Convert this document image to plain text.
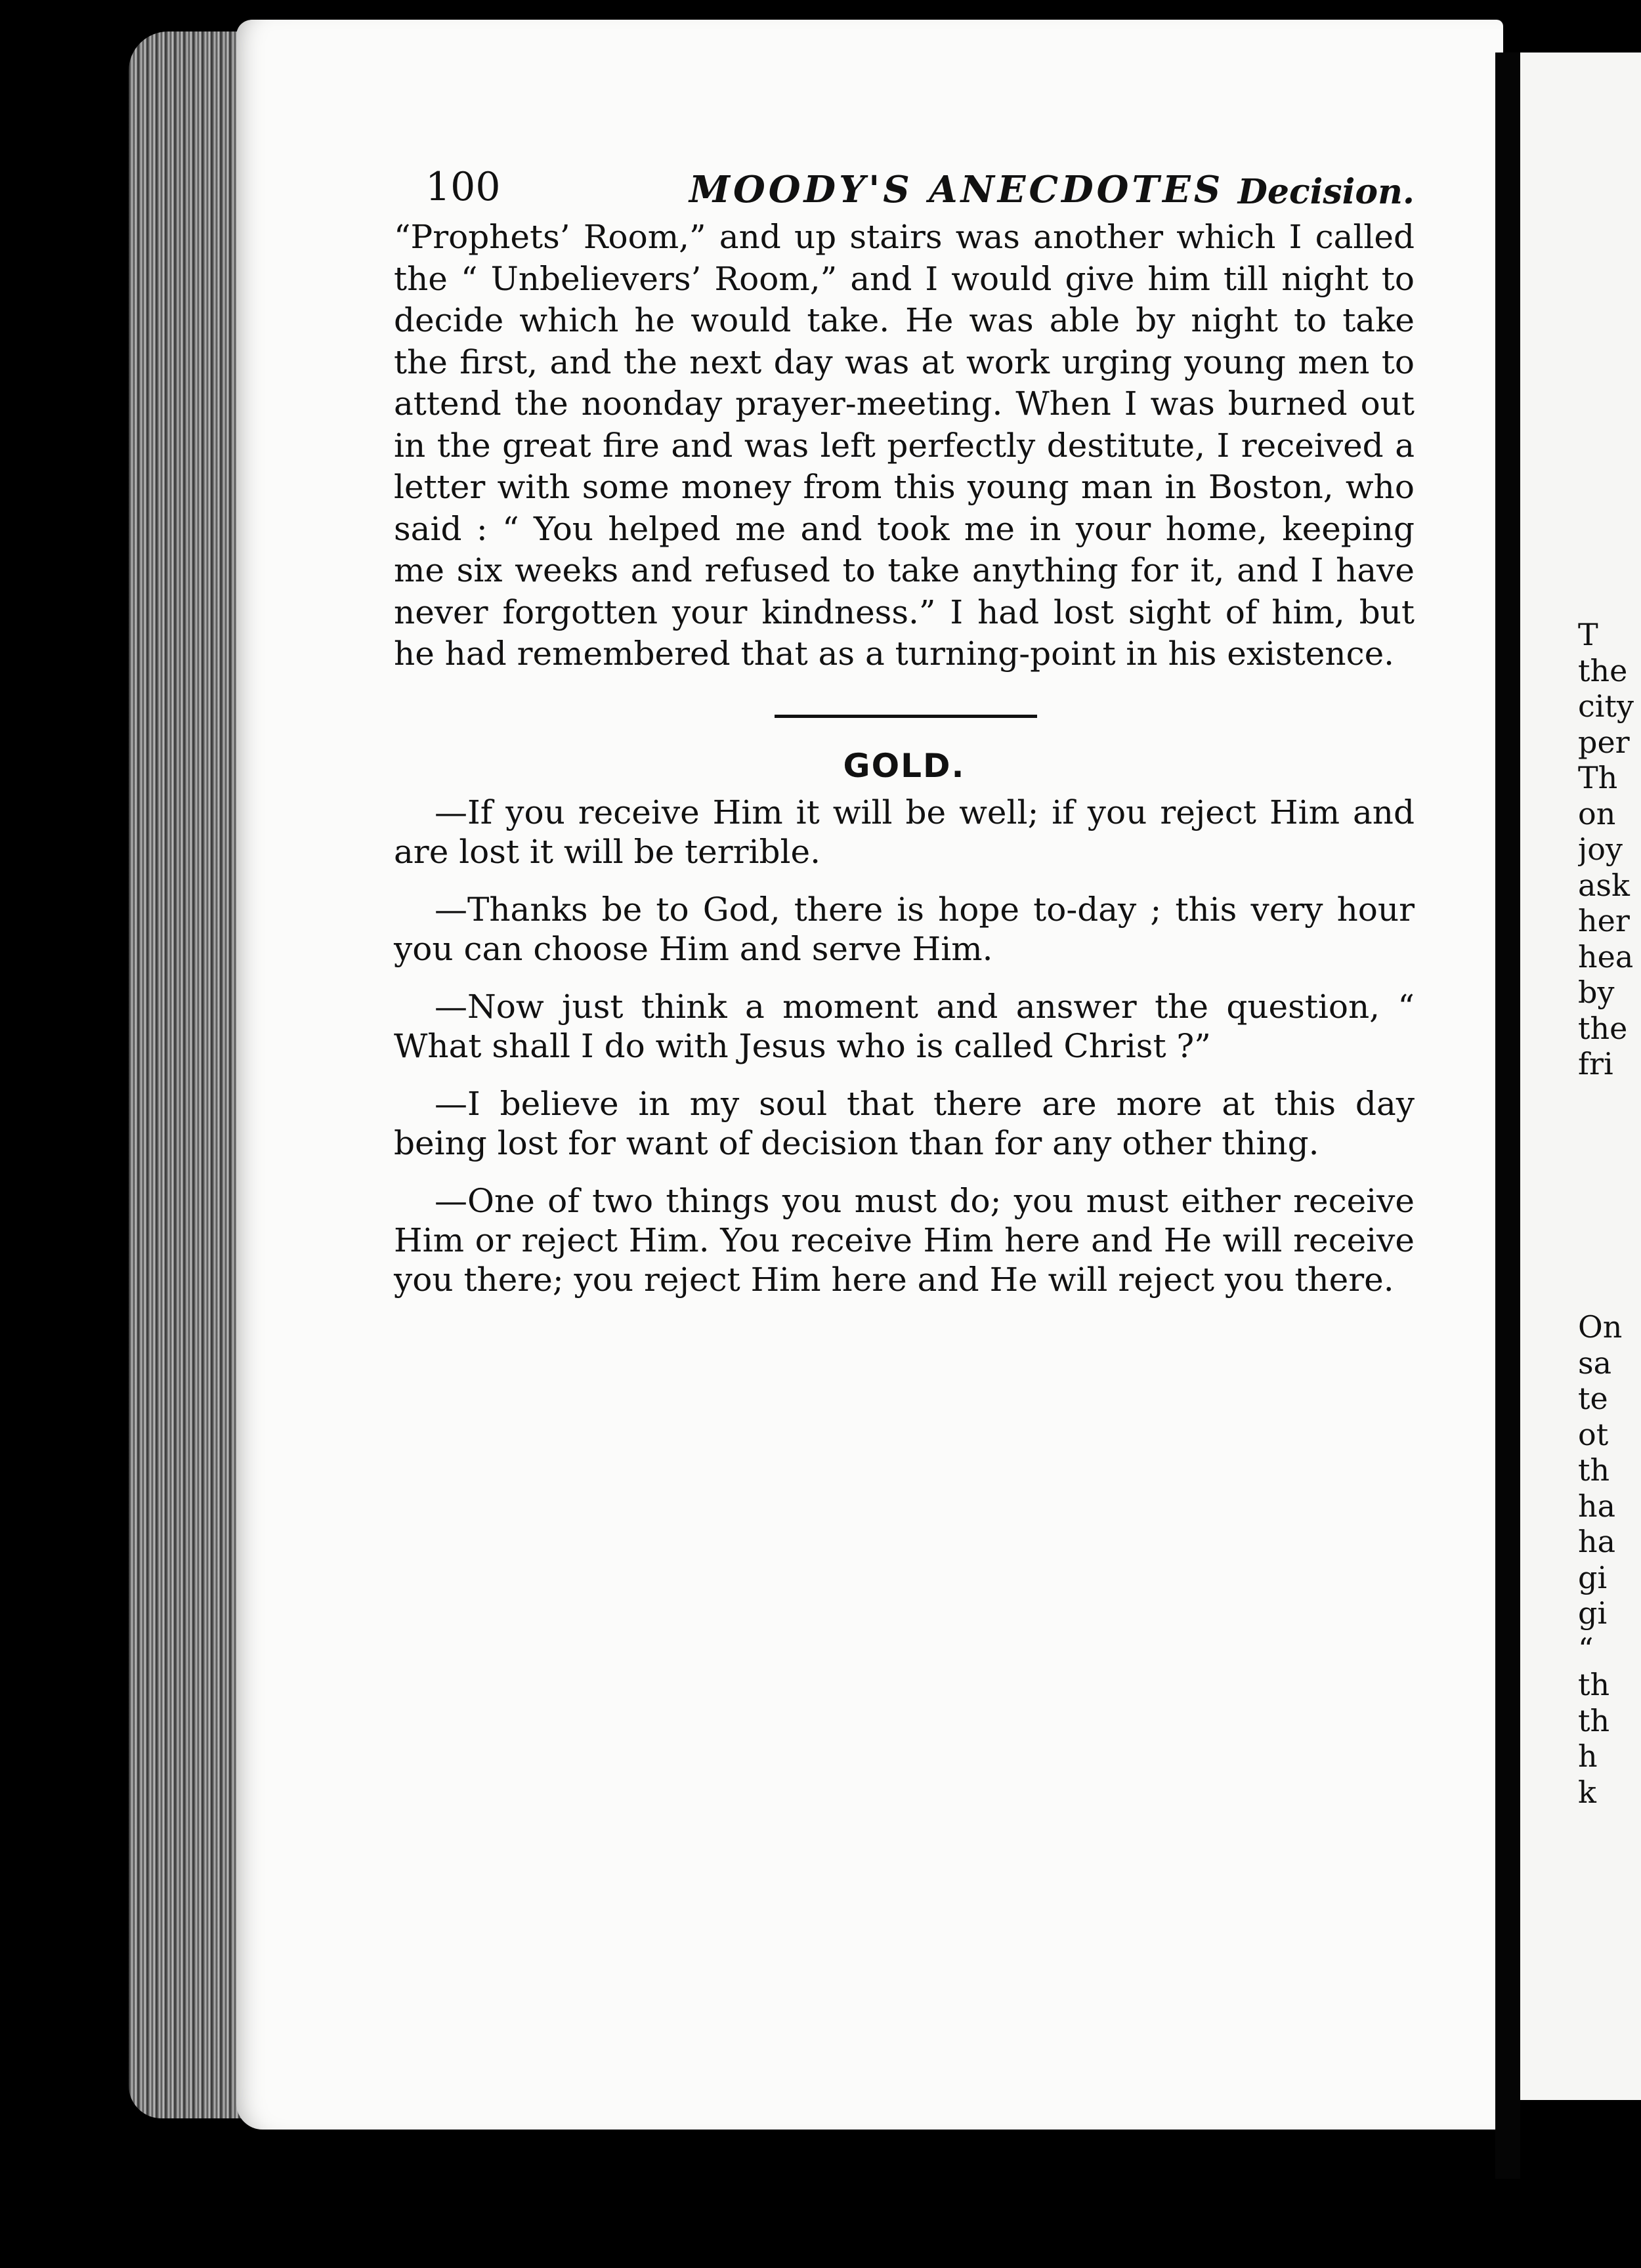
100	MOODY'S ANECDOTES Decision.

“Prophets’ Room,” and up stairs was another which I called the “ Unbelievers’ Room,” and I would give him till night to decide which he would take. He was able by night to take the first, and the next day was at work urging young men to attend the noonday prayer-meeting. When I was burned out in the great fire and was left perfectly destitute, I received a letter with some money from this young man in Boston, who said : “ You helped me and took me in your home, keeping me six weeks and refused to take anything for it, and I have never forgotten your kindness.” I had lost sight of him, but he had remembered that as a turning-point in his existence.

GOLD.

—If you receive Him it will be well; if you reject Him and are lost it will be terrible.

—Thanks be to God, there is hope to-day ; this very hour you can choose Him and serve Him.

—Now just think a moment and answer the question, “ What shall I do with Jesus who is called Christ ?”

—I believe in my soul that there are more at this day being lost for want of decision than for any other thing.

—One of two things you must do; you must either receive Him or reject Him. You receive Him here and He will receive you there; you reject Him here and He will reject you there.

T
the
city
per
Th
on
joy
ask
her
hea
by
the
fri
On
sa
te
ot
th
ha
ha
gi
gi
“
th
th
h
k
